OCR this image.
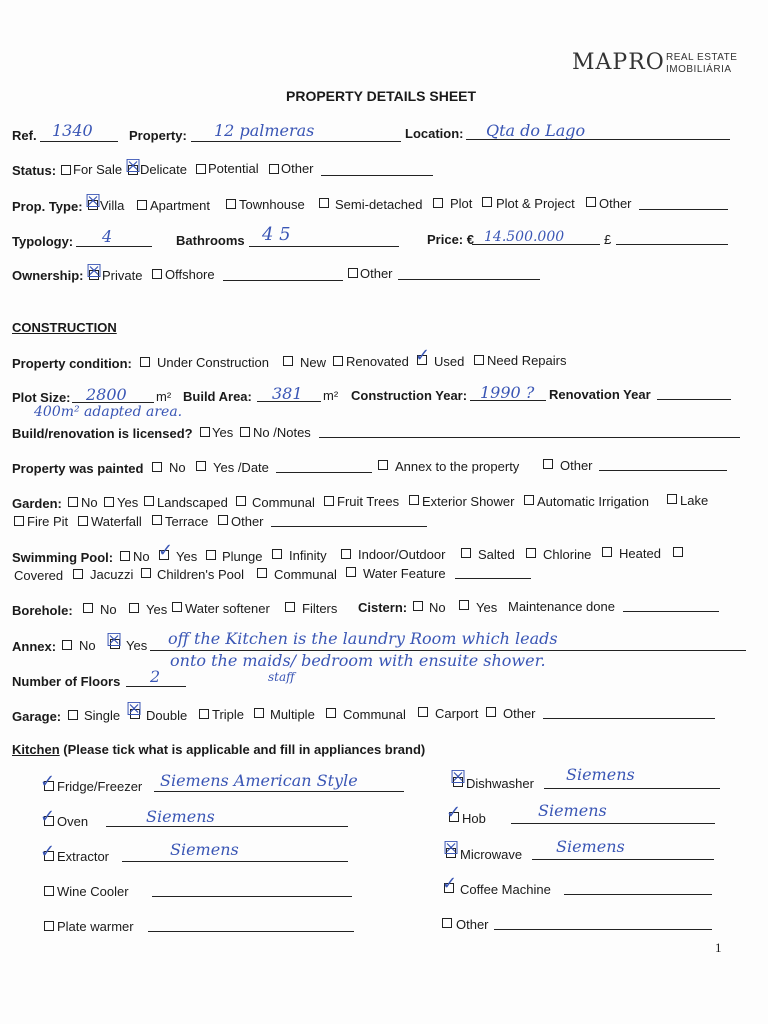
MAPRO REAL ESTATE
IMOBILIÁRIA
PROPERTY DETAILS SHEET
Ref. 1340	Property: 12 palmeras	Location: Qta do Lago
Status: For Sale ☒
Delicate Potential Other
Prop. Type: ☒
Villa Apartment Townhouse Semi-detached Plot Plot & Project Other
Typology: 4	Bathrooms 4 5	Price: € 14.500.000	£
Ownership: ☒ Private Offshore	Other
CONSTRUCTION
Property condition: Under Construction New Renovated ✓ Used Need Repairs
Plot Size: 2800 m² Build Area: 381 m² Construction Year: 1990 ? Renovation Year
400m² adapted area.
Build/renovation is licensed? Yes No /Notes
Property was painted No Yes /Date	Annex to the property	Other
Garden: No Yes Landscaped Communal Fruit Trees Exterior Shower Automatic Irrigation Lake
Fire Pit Waterfall Terrace Other
Swimming Pool: No ✓ Yes Plunge Infinity Indoor/Outdoor	Salted Chlorine Heated
Covered Jacuzzi Children's Pool Communal Water Feature
Borehole: No Yes Water softener Filters Cistern: No Yes Maintenance done
Annex: No ☒ Yes off the Kitchen is the laundry Room which leads
onto the maids/ bedroom with ensuite shower.
staff
Number of Floors 2
Garage: Single ☒ Double Triple Multiple Communal Carport Other
Kitchen (Please tick what is applicable and fill in appliances brand)
✓ Fridge/Freezer Siemens American Style
✓ Oven	Siemens
✓ Extractor	Siemens
Wine Cooler
Plate warmer
☒ Dishwasher Siemens
✓ Hob	Siemens
☒ Microwave Siemens
✓ Coffee Machine
Other
1
